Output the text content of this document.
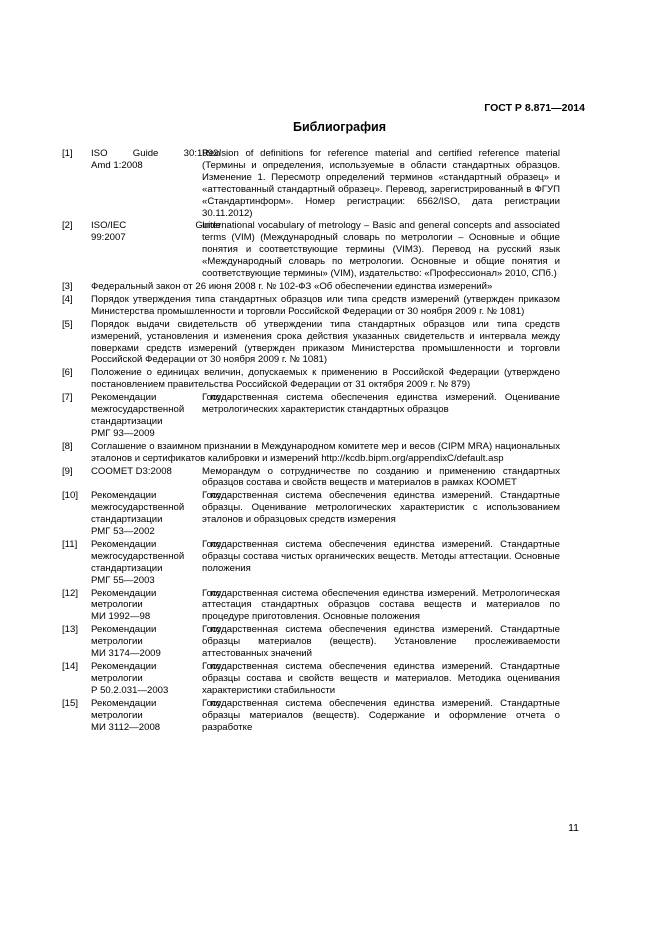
ГОСТ Р 8.871—2014
Библиография
[1] ISO Guide 30:1992/
Amd 1:2008
Revision of definitions for reference material and certified reference material (Термины и определения, используемые в области стандартных образцов. Изменение 1. Пересмотр определений терминов «стандартный образец» и «аттестованный стандартный образец». Перевод, зарегистрированный в ФГУП «Стандартинформ». Номер регистрации: 6562/ISO, дата регистрации 30.11.2012)
[2] ISO/IEC Guide
99:2007
International vocabulary of metrology – Basic and general concepts and associated terms (VIM) (Международный словарь по метрологии – Основные и общие понятия и соответствующие термины (VIM3). Перевод на русский язык «Международный словарь по метрологии. Основные и общие понятия и соответствующие термины» (VIM), издательство: «Профессионал» 2010, СПб.)
[3] Федеральный закон от 26 июня 2008 г. № 102-ФЗ «Об обеспечении единства измерений»
[4] Порядок утверждения типа стандартных образцов или типа средств измерений (утвержден приказом Министерства промышленности и торговли Российской Федерации от 30 ноября 2009 г. № 1081)
[5] Порядок выдачи свидетельств об утверждении типа стандартных образцов или типа средств измерений, установления и изменения срока действия указанных свидетельств и интервала между поверками средств измерений (утвержден приказом Министерства промышленности и торговли Российской Федерации от 30 ноября 2009 г. № 1081)
[6] Положение о единицах величин, допускаемых к применению в Российской Федерации (утверждено постановлением правительства Российской Федерации от 31 октября 2009 г. № 879)
[7] Рекомендации по
межгосударственной
стандартизации
РМГ 93—2009
Государственная система обеспечения единства измерений. Оценивание метрологических характеристик стандартных образцов
[8] Соглашение о взаимном признании в Международном комитете мер и весов (CIPM MRA) национальных эталонов и сертификатов калибровки и измерений http://kcdb.bipm.org/appendixC/default.asp
[9] COOMET D3:2008	Меморандум о сотрудничестве по созданию и применению стандартных образцов состава и свойств веществ и материалов в рамках КООМЕТ
[10] Рекомендации по
межгосударственной
стандартизации
РМГ 53—2002
Государственная система обеспечения единства измерений. Стандартные образцы. Оценивание метрологических характеристик с использованием эталонов и образцовых средств измерения
[11] Рекомендации по
межгосударственной
стандартизации
РМГ 55—2003
Государственная система обеспечения единства измерений. Стандартные образцы состава чистых органических веществ. Методы аттестации. Основные положения
[12] Рекомендации по
метрологии
МИ 1992—98
Государственная система обеспечения единства измерений. Метрологическая аттестация стандартных образцов состава веществ и материалов по процедуре приготовления. Основные положения
[13] Рекомендации по
метрологии
МИ 3174—2009
Государственная система обеспечения единства измерений. Стандартные образцы материалов (веществ). Установление прослеживаемости аттестованных значений
[14] Рекомендации по
метрологии
Р 50.2.031—2003
Государственная система обеспечения единства измерений. Стандартные образцы состава и свойств веществ и материалов. Методика оценивания характеристики стабильности
[15] Рекомендации по
метрологии
МИ 3112—2008
Государственная система обеспечения единства измерений. Стандартные образцы материалов (веществ). Содержание и оформление отчета о разработке
11
